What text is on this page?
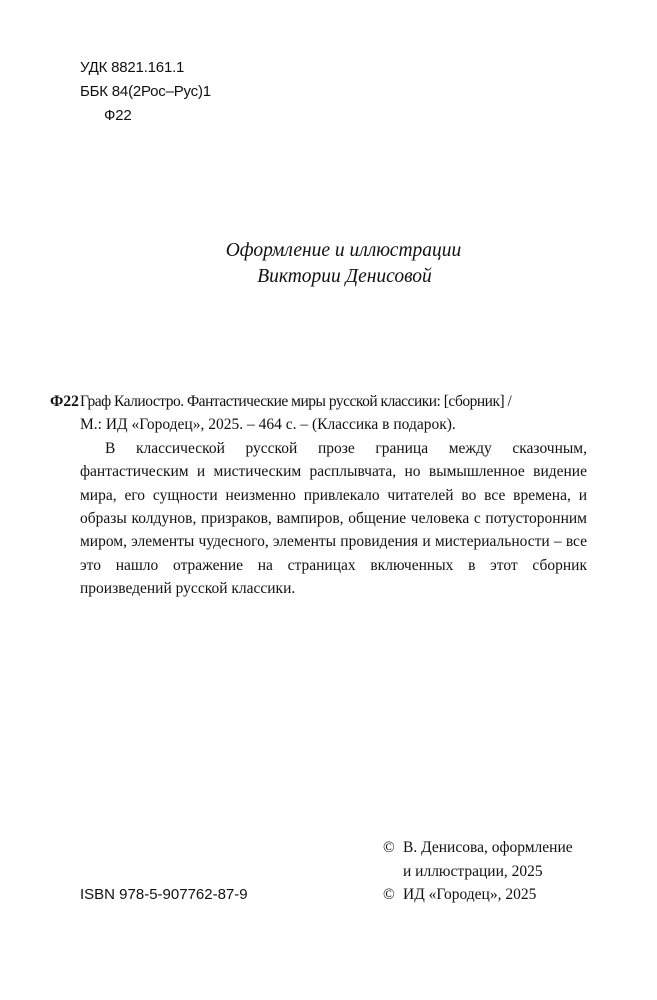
УДК 8821.161.1
ББК 84(2Рос–Рус)1
Ф22
Оформление и иллюстрации
Виктории Денисовой
Ф22 Граф Калиостро. Фантастические миры русской классики: [сборник] /
М.: ИД «Городец», 2025. – 464 с. – (Классика в подарок).

В классической русской прозе граница между сказочным, фантастическим и мистическим расплывчата, но вымышленное видение мира, его сущности неизменно привлекало читателей во все времена, и образы колдунов, призраков, вампиров, общение человека с потусторонним миром, элементы чудесного, элементы провидения и мистериальности – все это нашло отражение на страницах включенных в этот сборник произведений русской классики.

ISBN 978-5-907762-87-9
© В. Денисова, оформление
и иллюстрации, 2025
© ИД «Городец», 2025
